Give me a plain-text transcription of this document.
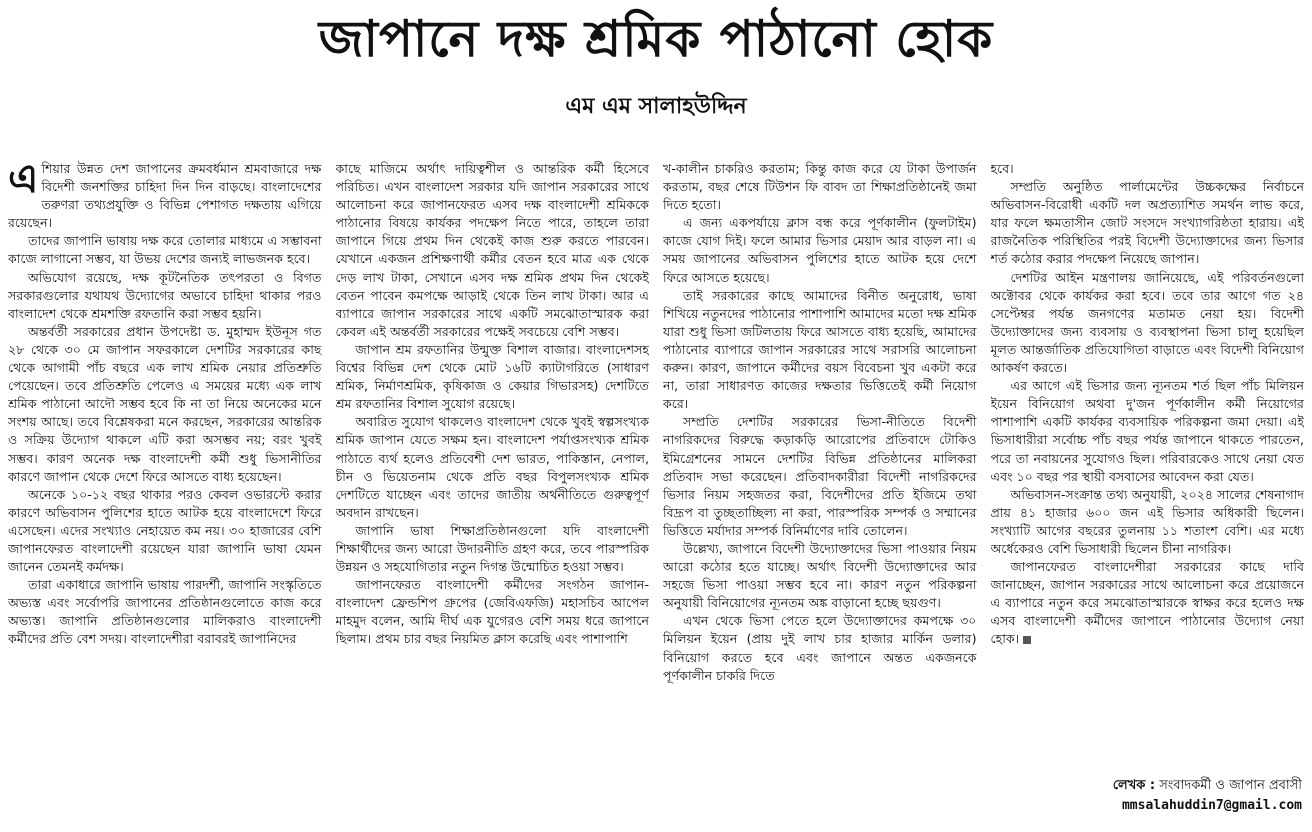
জাপানে দক্ষ শ্রমিক পাঠানো হোক
এম এম সালাহউদ্দিন

এশিয়ার উন্নত দেশ জাপানের ক্রমবর্ধমান শ্রমবাজারে দক্ষ বিদেশী জনশক্তির চাহিদা দিন দিন বাড়ছে। বাংলাদেশের তরুণরা তথ্যপ্রযুক্তি ও বিভিন্ন পেশাগত দক্ষতায় এগিয়ে রয়েছেন।

তাদের জাপানি ভাষায় দক্ষ করে তোলার মাধ্যমে এ সম্ভাবনা কাজে লাগানো সম্ভব, যা উভয় দেশের জন্যই লাভজনক হবে।

অভিযোগ রয়েছে, দক্ষ কূটনৈতিক তৎপরতা ও বিগত সরকারগুলোর যথাযথ উদ্যোগের অভাবে চাহিদা থাকার পরও বাংলাদেশ থেকে শ্রমশক্তি রফতানি করা সম্ভব হয়নি।

অন্তর্বর্তী সরকারের প্রধান উপদেষ্টা ড. মুহাম্মদ ইউনূস গত ২৮ থেকে ৩০ মে জাপান সফরকালে দেশটির সরকারের কাছ থেকে আগামী পাঁচ বছরে এক লাখ শ্রমিক নেয়ার প্রতিশ্রুতি পেয়েছেন। তবে প্রতিশ্রুতি পেলেও এ সময়ের মধ্যে এক লাখ শ্রমিক পাঠানো আদৌ সম্ভব হবে কি না তা নিয়ে অনেকের মনে সংশয় আছে। তবে বিশ্লেষকরা মনে করছেন, সরকারের আন্তরিক ও সক্রিয় উদ্যোগ থাকলে এটি করা অসম্ভব নয়; বরং খুবই সম্ভব। কারণ অনেক দক্ষ বাংলাদেশী কর্মী শুধু ভিসানীতির কারণে জাপান থেকে দেশে ফিরে আসতে বাধ্য হয়েছেন।

অনেকে ১০-১২ বছর থাকার পরও কেবল ওভারস্টে করার কারণে অভিবাসন পুলিশের হাতে আটক হয়ে বাংলাদেশে ফিরে এসেছেন। এদের সংখ্যাও নেহায়েত কম নয়। ৩০ হাজারের বেশি জাপানফেরত বাংলাদেশী রয়েছেন যারা জাপানি ভাষা যেমন জানেন তেমনই কর্মদক্ষ।

তারা একাধারে জাপানি ভাষায় পারদর্শী, জাপানি সংস্কৃতিতে অভ্যস্ত এবং সর্বোপরি জাপানের প্রতিষ্ঠানগুলোতে কাজ করে অভ্যস্ত। জাপানি প্রতিষ্ঠানগুলোর মালিকরাও বাংলাদেশী কর্মীদের প্রতি বেশ সদয়। বাংলাদেশীরা বরাবরই জাপানিদের

কাছে মাজিমে অর্থাৎ দায়িত্বশীল ও আন্তরিক কর্মী হিসেবে পরিচিত। এখন বাংলাদেশ সরকার যদি জাপান সরকারের সাথে আলোচনা করে জাপানফেরত এসব দক্ষ বাংলাদেশী শ্রমিককে পাঠানোর বিষয়ে কার্যকর পদক্ষেপ নিতে পারে, তাহলে তারা জাপানে গিয়ে প্রথম দিন থেকেই কাজ শুরু করতে পারবেন। যেখানে একজন প্রশিক্ষণার্থী কর্মীর বেতন হবে মাত্র এক থেকে দেড় লাখ টাকা, সেখানে এসব দক্ষ শ্রমিক প্রথম দিন থেকেই বেতন পাবেন কমপক্ষে আড়াই থেকে তিন লাখ টাকা। আর এ ব্যাপারে জাপান সরকারের সাথে একটি সমঝোতাস্মারক করা কেবল এই অন্তর্বর্তী সরকারের পক্ষেই সবচেয়ে বেশি সম্ভব।

জাপান শ্রম রফতানির উন্মুক্ত বিশাল বাজার। বাংলাদেশসহ বিশ্বের বিভিন্ন দেশ থেকে মোট ১৬টি ক্যাটাগরিতে (সাধারণ শ্রমিক, নির্মাণশ্রমিক, কৃষিকাজ ও কেয়ার গিভারসহ) দেশটিতে শ্রম রফতানির বিশাল সুযোগ রয়েছে।

অবারিত সুযোগ থাকলেও বাংলাদেশ থেকে খুবই স্বল্পসংখ্যক শ্রমিক জাপান যেতে সক্ষম হন। বাংলাদেশ পর্যাপ্তসংখ্যক শ্রমিক পাঠাতে ব্যর্থ হলেও প্রতিবেশী দেশ ভারত, পাকিস্তান, নেপাল, চীন ও ভিয়েতনাম থেকে প্রতি বছর বিপুলসংখ্যক শ্রমিক দেশটিতে যাচ্ছেন এবং তাদের জাতীয় অর্থনীতিতে গুরুত্বপূর্ণ অবদান রাখছেন।

জাপানি ভাষা শিক্ষাপ্রতিষ্ঠানগুলো যদি বাংলাদেশী শিক্ষার্থীদের জন্য আরো উদারনীতি গ্রহণ করে, তবে পারস্পরিক উন্নয়ন ও সহযোগিতার নতুন দিগন্ত উন্মোচিত হওয়া সম্ভব।

জাপানফেরত বাংলাদেশী কর্মীদের সংগঠন জাপান-বাংলাদেশ ফ্রেন্ডশিপ গ্রুপের (জেবিএফজি) মহাসচিব আপেল মাহমুদ বলেন, আমি দীর্ঘ এক যুগেরও বেশি সময় ধরে জাপানে ছিলাম। প্রথম চার বছর নিয়মিত ক্লাস করেছি এবং পাশাপাশি

খ-কালীন চাকরিও করতাম; কিন্তু কাজ করে যে টাকা উপার্জন করতাম, বছর শেষে টিউশন ফি বাবদ তা শিক্ষাপ্রতিষ্ঠানেই জমা দিতে হতো।

এ জন্য একপর্যায়ে ক্লাস বন্ধ করে পূর্ণকালীন (ফুলটাইম) কাজে যোগ দিই। ফলে আমার ভিসার মেয়াদ আর বাড়ল না। এ সময় জাপানের অভিবাসন পুলিশের হাতে আটক হয়ে দেশে ফিরে আসতে হয়েছে।

তাই সরকারের কাছে আমাদের বিনীত অনুরোধ, ভাষা শিখিয়ে নতুনদের পাঠানোর পাশাপাশি আমাদের মতো দক্ষ শ্রমিক যারা শুধু ভিসা জটিলতায় ফিরে আসতে বাধ্য হয়েছি, আমাদের পাঠানোর ব্যাপারে জাপান সরকারের সাথে সরাসরি আলোচনা করুন। কারণ, জাপানে কর্মীদের বয়স বিবেচনা খুব একটা করে না, তারা সাধারণত কাজের দক্ষতার ভিত্তিতেই কর্মী নিয়োগ করে।

সম্প্রতি দেশটির সরকারের ভিসা-নীতিতে বিদেশী নাগরিকদের বিরুদ্ধে কড়াকড়ি আরোপের প্রতিবাদে টোকিও ইমিগ্রেশনের সামনে দেশটির বিভিন্ন প্রতিষ্ঠানের মালিকরা প্রতিবাদ সভা করেছেন। প্রতিবাদকারীরা বিদেশী নাগরিকদের ভিসার নিয়ম সহজতর করা, বিদেশীদের প্রতি ইজিমে তথা বিদ্রূপ বা তুচ্ছতাচ্ছিল্য না করা, পারস্পরিক সম্পর্ক ও সম্মানের ভিত্তিতে মর্যাদার সম্পর্ক বিনির্মাণের দাবি তোলেন।

উল্লেখ্য, জাপানে বিদেশী উদ্যোক্তাদের ভিসা পাওয়ার নিয়ম আরো কঠোর হতে যাচ্ছে। অর্থাৎ বিদেশী উদ্যোক্তাদের আর সহজে ভিসা পাওয়া সম্ভব হবে না। কারণ নতুন পরিকল্পনা অনুযায়ী বিনিয়োগের ন্যূনতম অঙ্ক বাড়ানো হচ্ছে ছয়গুণ।

এখন থেকে ভিসা পেতে হলে উদ্যোক্তাদের কমপক্ষে ৩০ মিলিয়ন ইয়েন (প্রায় দুই লাখ চার হাজার মার্কিন ডলার) বিনিয়োগ করতে হবে এবং জাপানে অন্তত একজনকে পূর্ণকালীন চাকরি দিতে

হবে।

সম্প্রতি অনুষ্ঠিত পার্লামেন্টের উচ্চকক্ষের নির্বাচনে অভিবাসন-বিরোধী একটি দল অপ্রত্যাশিত সমর্থন লাভ করে, যার ফলে ক্ষমতাসীন জোট সংসদে সংখ্যাগরিষ্ঠতা হারায়। এই রাজনৈতিক পরিস্থিতির পরই বিদেশী উদ্যোক্তাদের জন্য ভিসার শর্ত কঠোর করার পদক্ষেপ নিয়েছে জাপান।

দেশটির আইন মন্ত্রণালয় জানিয়েছে, এই পরিবর্তনগুলো অক্টোবর থেকে কার্যকর করা হবে। তবে তার আগে গত ২৪ সেপ্টেম্বর পর্যন্ত জনগণের মতামত নেয়া হয়। বিদেশী উদ্যোক্তাদের জন্য ব্যবসায় ও ব্যবস্থাপনা ভিসা চালু হয়েছিল মূলত আন্তর্জাতিক প্রতিযোগিতা বাড়াতে এবং বিদেশী বিনিয়োগ আকর্ষণ করতে।

এর আগে এই ভিসার জন্য ন্যূনতম শর্ত ছিল পাঁচ মিলিয়ন ইয়েন বিনিয়োগ অথবা দু'জন পূর্ণকালীন কর্মী নিয়োগের পাশাপাশি একটি কার্যকর ব্যবসায়িক পরিকল্পনা জমা দেয়া। এই ভিসাধারীরা সর্বোচ্চ পাঁচ বছর পর্যন্ত জাপানে থাকতে পারতেন, পরে তা নবায়নের সুযোগও ছিল। পরিবারকেও সাথে নেয়া যেত এবং ১০ বছর পর স্থায়ী বসবাসের আবেদন করা যেত।

অভিবাসন-সংক্রান্ত তথ্য অনুযায়ী, ২০২৪ সালের শেষনাগাদ প্রায় ৪১ হাজার ৬০০ জন এই ভিসার অধিকারী ছিলেন। সংখ্যাটি আগের বছরের তুলনায় ১১ শতাংশ বেশি। এর মধ্যে অর্ধেকেরও বেশি ভিসাধারী ছিলেন চীনা নাগরিক।

জাপানফেরত বাংলাদেশীরা সরকারের কাছে দাবি জানাচ্ছেন, জাপান সরকারের সাথে আলোচনা করে প্রয়োজনে এ ব্যাপারে নতুন করে সমঝোতাস্মারকে স্বাক্ষর করে হলেও দক্ষ এসব বাংলাদেশী কর্মীদের জাপানে পাঠানোর উদ্যোগ নেয়া হোক।

লেখক : সংবাদকর্মী ও জাপান প্রবাসী
mmsalahuddin7@gmail.com
